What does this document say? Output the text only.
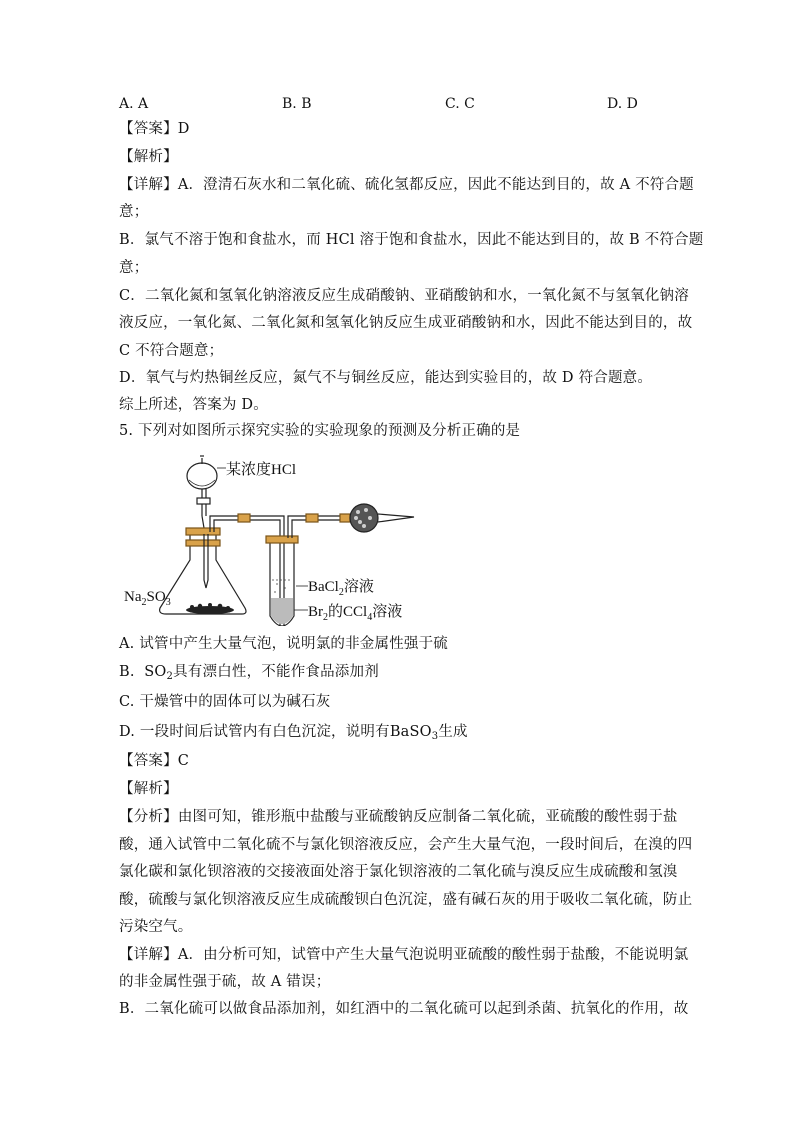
A. A	B. B	C. C	D. D
【答案】D
【解析】
【详解】A．澄清石灰水和二氧化硫、硫化氢都反应，因此不能达到目的，故 A 不符合题
意；
B．氯气不溶于饱和食盐水，而 HCl 溶于饱和食盐水，因此不能达到目的，故 B 不符合题
意；
C．二氧化氮和氢氧化钠溶液反应生成硝酸钠、亚硝酸钠和水，一氧化氮不与氢氧化钠溶
液反应，一氧化氮、二氧化氮和氢氧化钠反应生成亚硝酸钠和水，因此不能达到目的，故
C 不符合题意；
D．氧气与灼热铜丝反应，氮气不与铜丝反应，能达到实验目的，故 D 符合题意。
综上所述，答案为 D。
5. 下列对如图所示探究实验的实验现象的预测及分析正确的是
某浓度HCl
$Na_2SO_3$
BaCl$_2$溶液
$Br_2$的CCl$_4$溶液
A. 试管中产生大量气泡，说明氯的非金属性强于硫
B. $SO_2$具有漂白性，不能作食品添加剂
C. 干燥管中的固体可以为碱石灰
D. 一段时间后试管内有白色沉淀，说明有BaSO$_3$生成
【答案】C
【解析】
【分析】由图可知，锥形瓶中盐酸与亚硫酸钠反应制备二氧化硫，亚硫酸的酸性弱于盐
酸，通入试管中二氧化硫不与氯化钡溶液反应，会产生大量气泡，一段时间后，在溴的四
氯化碳和氯化钡溶液的交接液面处溶于氯化钡溶液的二氧化硫与溴反应生成硫酸和氢溴
酸，硫酸与氯化钡溶液反应生成硫酸钡白色沉淀，盛有碱石灰的用于吸收二氧化硫，防止
污染空气。
【详解】A．由分析可知，试管中产生大量气泡说明亚硫酸的酸性弱于盐酸，不能说明氯
的非金属性强于硫，故 A 错误；
B．二氧化硫可以做食品添加剂，如红酒中的二氧化硫可以起到杀菌、抗氧化的作用，故
